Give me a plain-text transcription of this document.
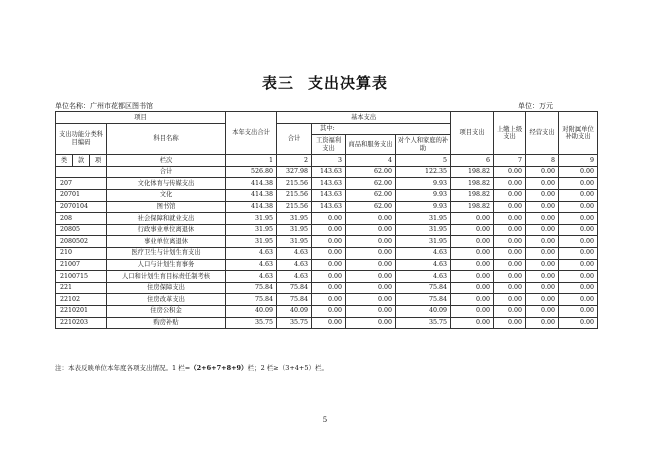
表三 支出决算表
单位名称：广州市花都区图书馆	单位：万元
项目				本年支出合计	基本支出				项目支出	上缴上级支出	经营支出	对附属单位补助支出
支出功能分类科目编码			科目名称		合计	其中:						
						工资福利支出	商品和服务支出	对个人和家庭的补助				
类	款	项		1	2	3	4	5	6	7	8	9
			栏次									
			合计	526.80	327.98	143.63	62.00	122.35	198.82	0.00	0.00	0.00
207			文化体育与传媒支出	414.38	215.56	143.63	62.00	9.93	198.82	0.00	0.00	0.00
20701			文化	414.38	215.56	143.63	62.00	9.93	198.82	0.00	0.00	0.00
2070104			图书馆	414.38	215.56	143.63	62.00	9.93	198.82	0.00	0.00	0.00
208			社会保障和就业支出	31.95	31.95	0.00	0.00	31.95	0.00	0.00	0.00	0.00
20805			行政事业单位离退休	31.95	31.95	0.00	0.00	31.95	0.00	0.00	0.00	0.00
2080502			事业单位离退休	31.95	31.95	0.00	0.00	31.95	0.00	0.00	0.00	0.00
210			医疗卫生与计划生育支出	4.63	4.63	0.00	0.00	4.63	0.00	0.00	0.00	0.00
21007			人口与计划生育事务	4.63	4.63	0.00	0.00	4.63	0.00	0.00	0.00	0.00
2100715			人口和计划生育目标责任制考核	4.63	4.63	0.00	0.00	4.63	0.00	0.00	0.00	0.00
221			住房保障支出	75.84	75.84	0.00	0.00	75.84	0.00	0.00	0.00	0.00
22102			住房改革支出	75.84	75.84	0.00	0.00	75.84	0.00	0.00	0.00	0.00
2210201			住房公积金	40.09	40.09	0.00	0.00	40.09	0.00	0.00	0.00	0.00
2210203			购房补贴	35.75	35.75	0.00	0.00	35.75	0.00	0.00	0.00	0.00
注：本表反映单位本年度各项支出情况。1 栏=（2+6+7+8+9）栏；2 栏≥（3+4+5）栏。
5
